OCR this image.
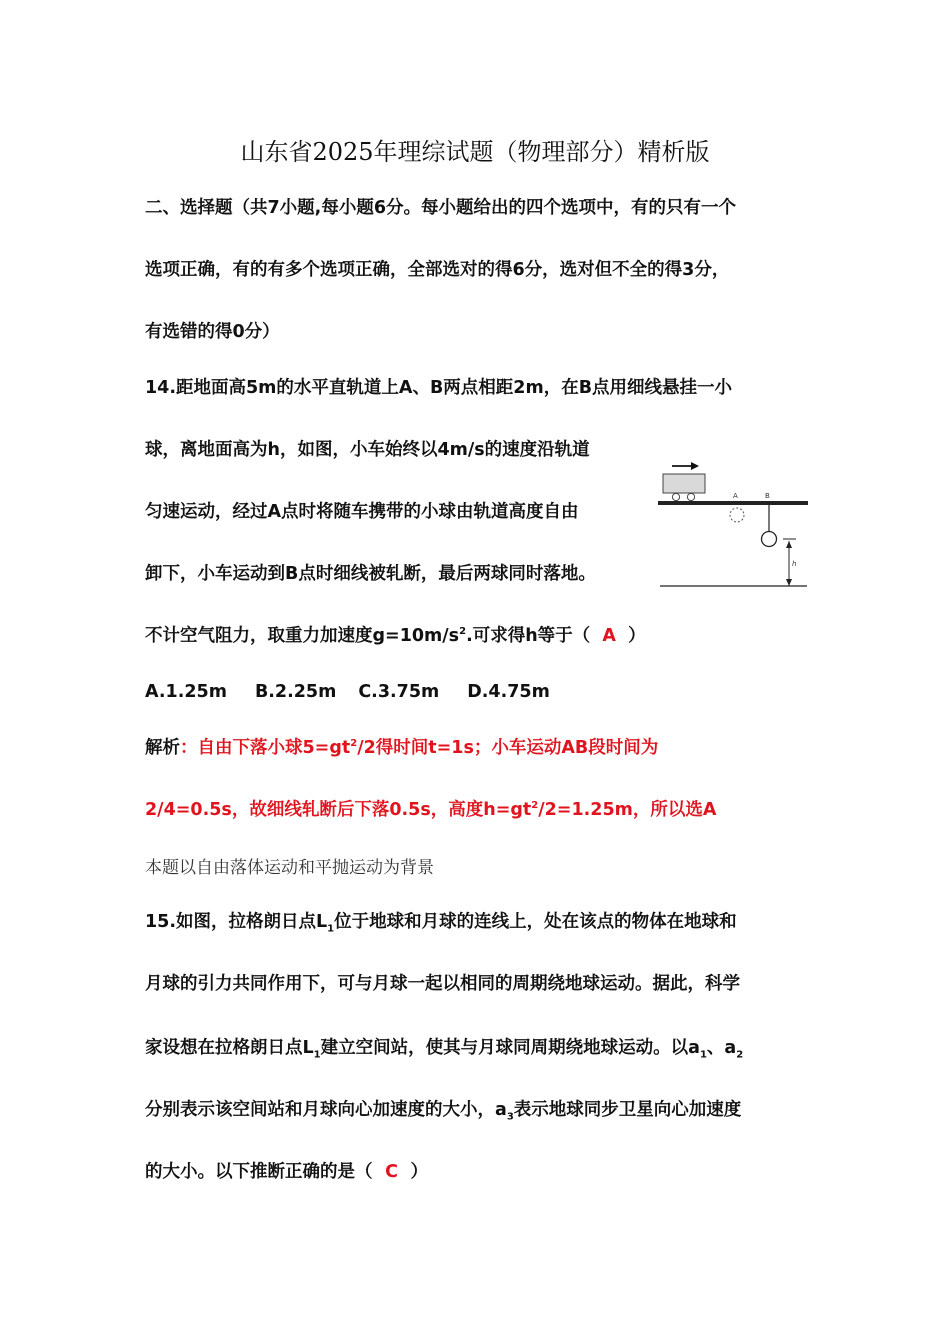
山东省2025年理综试题（物理部分）精析版
二、选择题（共7小题,每小题6分。每小题给出的四个选项中，有的只有一个
选项正确，有的有多个选项正确，全部选对的得6分，选对但不全的得3分，
有选错的得0分）
14.距地面高5m的水平直轨道上A、B两点相距2m，在B点用细线悬挂一小
球，离地面高为h，如图，小车始终以4m/s的速度沿轨道
匀速运动，经过A点时将随车携带的小球由轨道高度自由
卸下，小车运动到B点时细线被轧断，最后两球同时落地。
不计空气阻力，取重力加速度$g=10m/s^2$.可求得h等于（ A ）
A.1.25m B.2.25m C.3.75m D.4.75m
解析：自由下落小球$5=gt^2/2$得时间t=1s；小车运动AB段时间为
2/4=0.5s，故细线轧断后下落0.5s，高度$h=gt^2/2=1.25m$，所以选A
本题以自由落体运动和平抛运动为背景
15.如图，拉格朗日点$L_1$位于地球和月球的连线上，处在该点的物体在地球和
月球的引力共同作用下，可与月球一起以相同的周期绕地球运动。据此，科学
家设想在拉格朗日点$L_1$建立空间站，使其与月球同周期绕地球运动。以$a_1$、$a_2$
分别表示该空间站和月球向心加速度的大小，$a_3$表示地球同步卫星向心加速度
的大小。以下推断正确的是（ C ）
A	B
h
